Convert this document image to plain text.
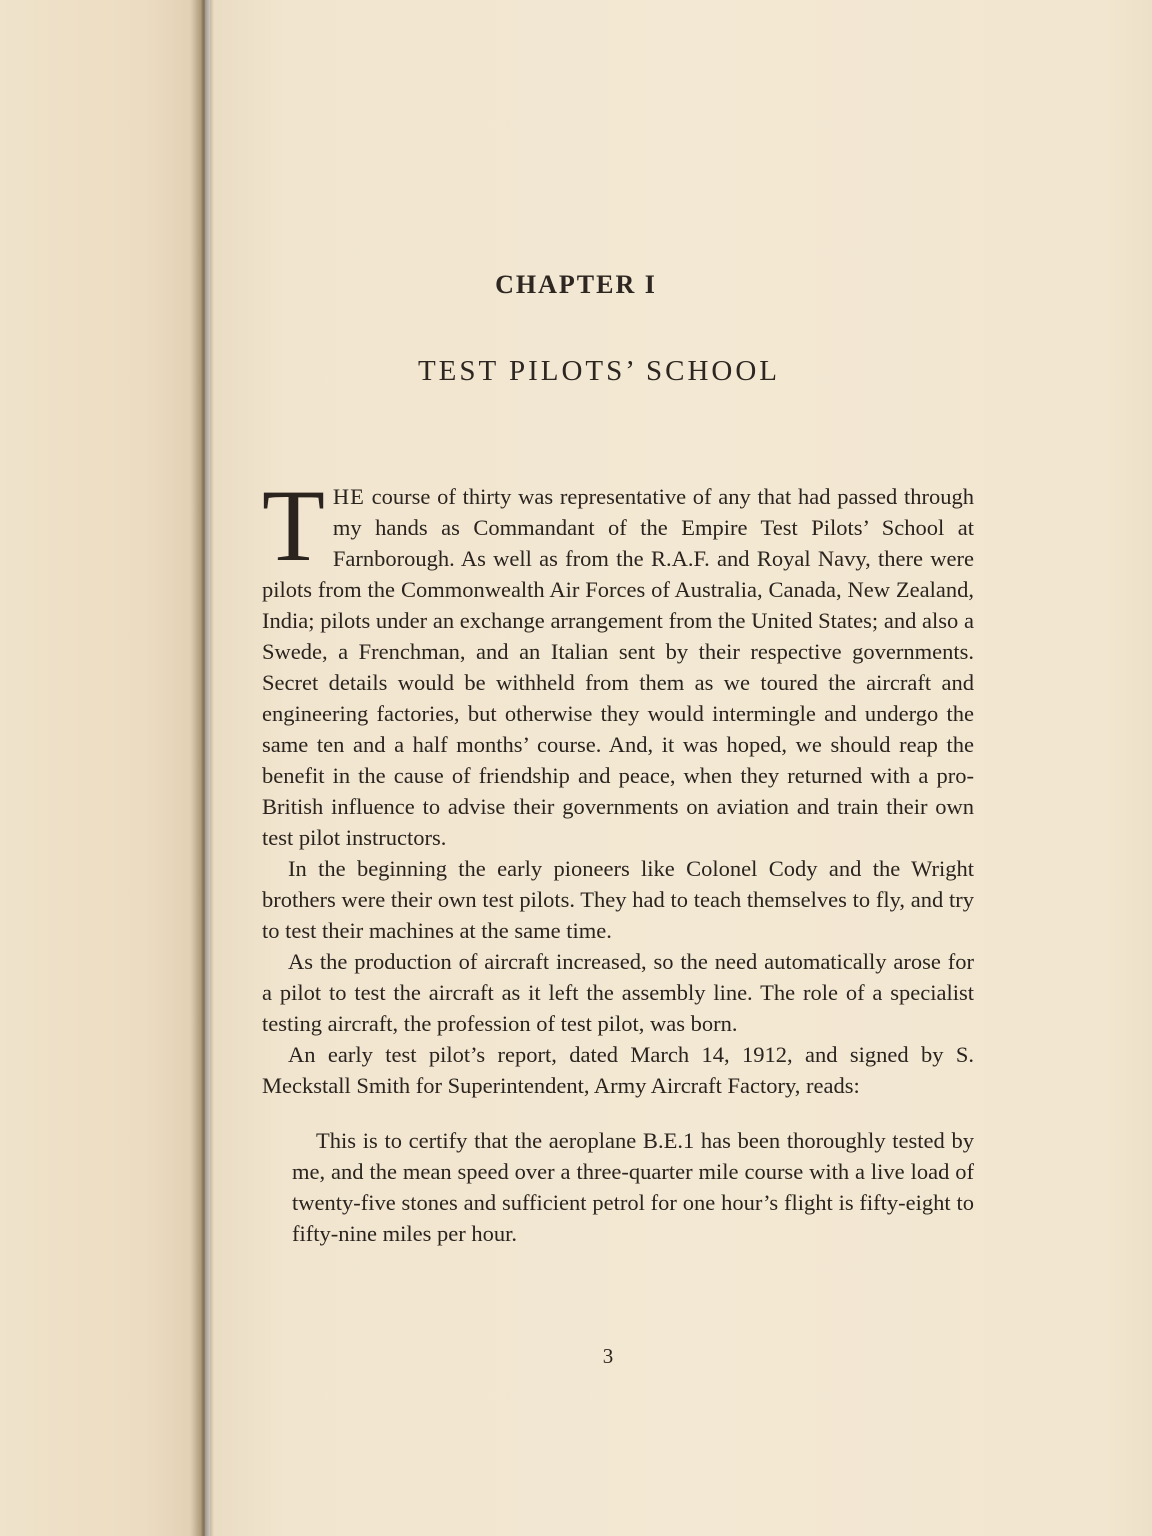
CHAPTER I
TEST PILOTS’ SCHOOL

THE course of thirty was representative of any that had passed through my hands as Commandant of the Empire Test Pilots’ School at Farnborough. As well as from the R.A.F. and Royal Navy, there were pilots from the Commonwealth Air Forces of Australia, Canada, New Zealand, India; pilots under an exchange arrangement from the United States; and also a Swede, a Frenchman, and an Italian sent by their respective governments. Secret details would be withheld from them as we toured the aircraft and engineering factories, but otherwise they would intermingle and undergo the same ten and a half months’ course. And, it was hoped, we should reap the benefit in the cause of friendship and peace, when they returned with a pro-British influence to advise their governments on aviation and train their own test pilot instructors.

In the beginning the early pioneers like Colonel Cody and the Wright brothers were their own test pilots. They had to teach themselves to fly, and try to test their machines at the same time.

As the production of aircraft increased, so the need automatically arose for a pilot to test the aircraft as it left the assembly line. The role of a specialist testing aircraft, the profession of test pilot, was born.

An early test pilot’s report, dated March 14, 1912, and signed by S. Meckstall Smith for Superintendent, Army Aircraft Factory, reads:

This is to certify that the aeroplane B.E.1 has been thoroughly tested by me, and the mean speed over a three-quarter mile course with a live load of twenty-five stones and sufficient petrol for one hour’s flight is fifty-eight to fifty-nine miles per hour.

3
